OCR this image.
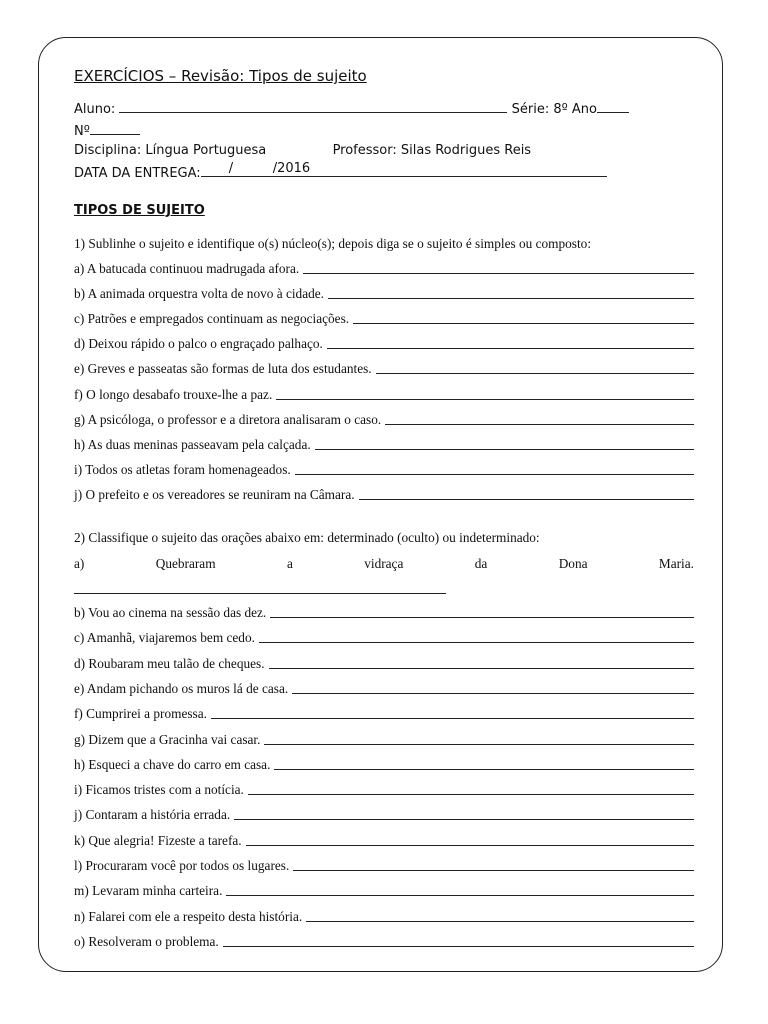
EXERCÍCIOS – Revisão: Tipos de sujeito
Aluno:	Série: 8º Ano
Nº
Disciplina: Língua Portuguesa	Professor: Silas Rodrigues Reis
DATA DA ENTREGA: /	/2016
TIPOS DE SUJEITO
1) Sublinhe o sujeito e identifique o(s) núcleo(s); depois diga se o sujeito é simples ou composto:
a) A batucada continuou madrugada afora.
b) A animada orquestra volta de novo à cidade.
c) Patrões e empregados continuam as negociações.
d) Deixou rápido o palco o engraçado palhaço.
e) Greves e passeatas são formas de luta dos estudantes.
f) O longo desabafo trouxe-lhe a paz.
g) A psicóloga, o professor e a diretora analisaram o caso.
h) As duas meninas passeavam pela calçada.
i) Todos os atletas foram homenageados.
j) O prefeito e os vereadores se reuniram na Câmara.
2) Classifique o sujeito das orações abaixo em: determinado (oculto) ou indeterminado:
a)	Quebraram	a	vidraça	da	Dona	Maria.
b) Vou ao cinema na sessão das dez.
c) Amanhã, viajaremos bem cedo.
d) Roubaram meu talão de cheques.
e) Andam pichando os muros lá de casa.
f) Cumprirei a promessa.
g) Dizem que a Gracinha vai casar.
h) Esqueci a chave do carro em casa.
i) Ficamos tristes com a notícia.
j) Contaram a história errada.
k) Que alegria! Fizeste a tarefa.
l) Procuraram você por todos os lugares.
m) Levaram minha carteira.
n) Falarei com ele a respeito desta história.
o) Resolveram o problema.
